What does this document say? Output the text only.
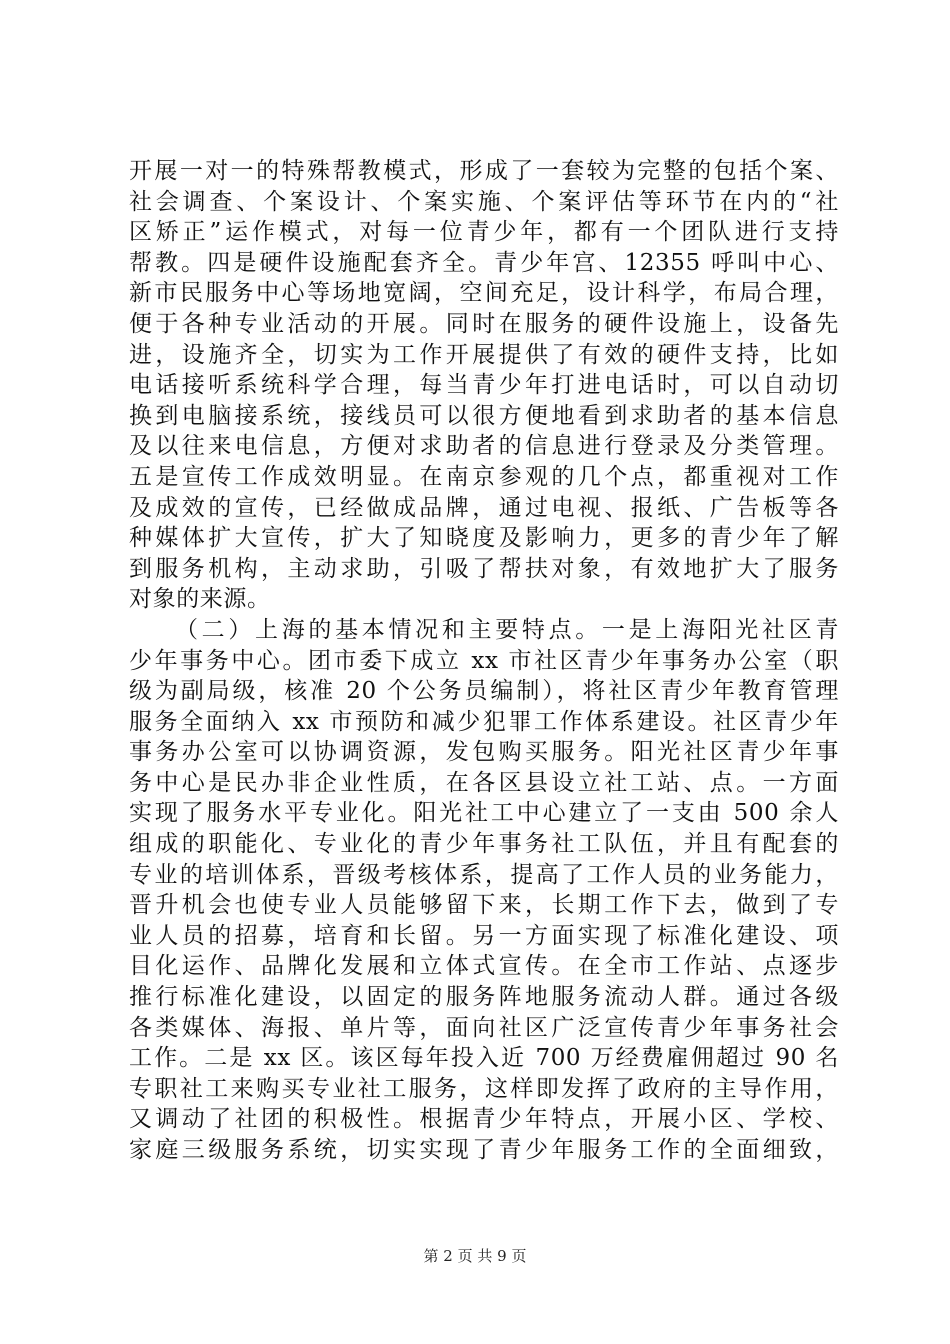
开展一对一的特殊帮教模式，形成了一套较为完整的包括个案、
社会调查、个案设计、个案实施、个案评估等环节在内的“社
区矫正”运作模式，对每一位青少年，都有一个团队进行支持
帮教。四是硬件设施配套齐全。青少年宫、12355 呼叫中心、
新市民服务中心等场地宽阔，空间充足，设计科学，布局合理，
便于各种专业活动的开展。同时在服务的硬件设施上，设备先
进，设施齐全，切实为工作开展提供了有效的硬件支持，比如
电话接听系统科学合理，每当青少年打进电话时，可以自动切
换到电脑接系统，接线员可以很方便地看到求助者的基本信息
及以往来电信息，方便对求助者的信息进行登录及分类管理。
五是宣传工作成效明显。在南京参观的几个点，都重视对工作
及成效的宣传，已经做成品牌，通过电视、报纸、广告板等各
种媒体扩大宣传，扩大了知晓度及影响力，更多的青少年了解
到服务机构，主动求助，引吸了帮扶对象，有效地扩大了服务
对象的来源。
（二）上海的基本情况和主要特点。一是上海阳光社区青
少年事务中心。团市委下成立 xx 市社区青少年事务办公室（职
级为副局级，核准 20 个公务员编制），将社区青少年教育管理
服务全面纳入 xx 市预防和减少犯罪工作体系建设。社区青少年
事务办公室可以协调资源，发包购买服务。阳光社区青少年事
务中心是民办非企业性质，在各区县设立社工站、点。一方面
实现了服务水平专业化。阳光社工中心建立了一支由 500 余人
组成的职能化、专业化的青少年事务社工队伍，并且有配套的
专业的培训体系，晋级考核体系，提高了工作人员的业务能力，
晋升机会也使专业人员能够留下来，长期工作下去，做到了专
业人员的招募，培育和长留。另一方面实现了标准化建设、项
目化运作、品牌化发展和立体式宣传。在全市工作站、点逐步
推行标准化建设，以固定的服务阵地服务流动人群。通过各级
各类媒体、海报、单片等，面向社区广泛宣传青少年事务社会
工作。二是 xx 区。该区每年投入近 700 万经费雇佣超过 90 名
专职社工来购买专业社工服务，这样即发挥了政府的主导作用，
又调动了社团的积极性。根据青少年特点，开展小区、学校、
家庭三级服务系统，切实实现了青少年服务工作的全面细致，
第 2 页 共 9 页
